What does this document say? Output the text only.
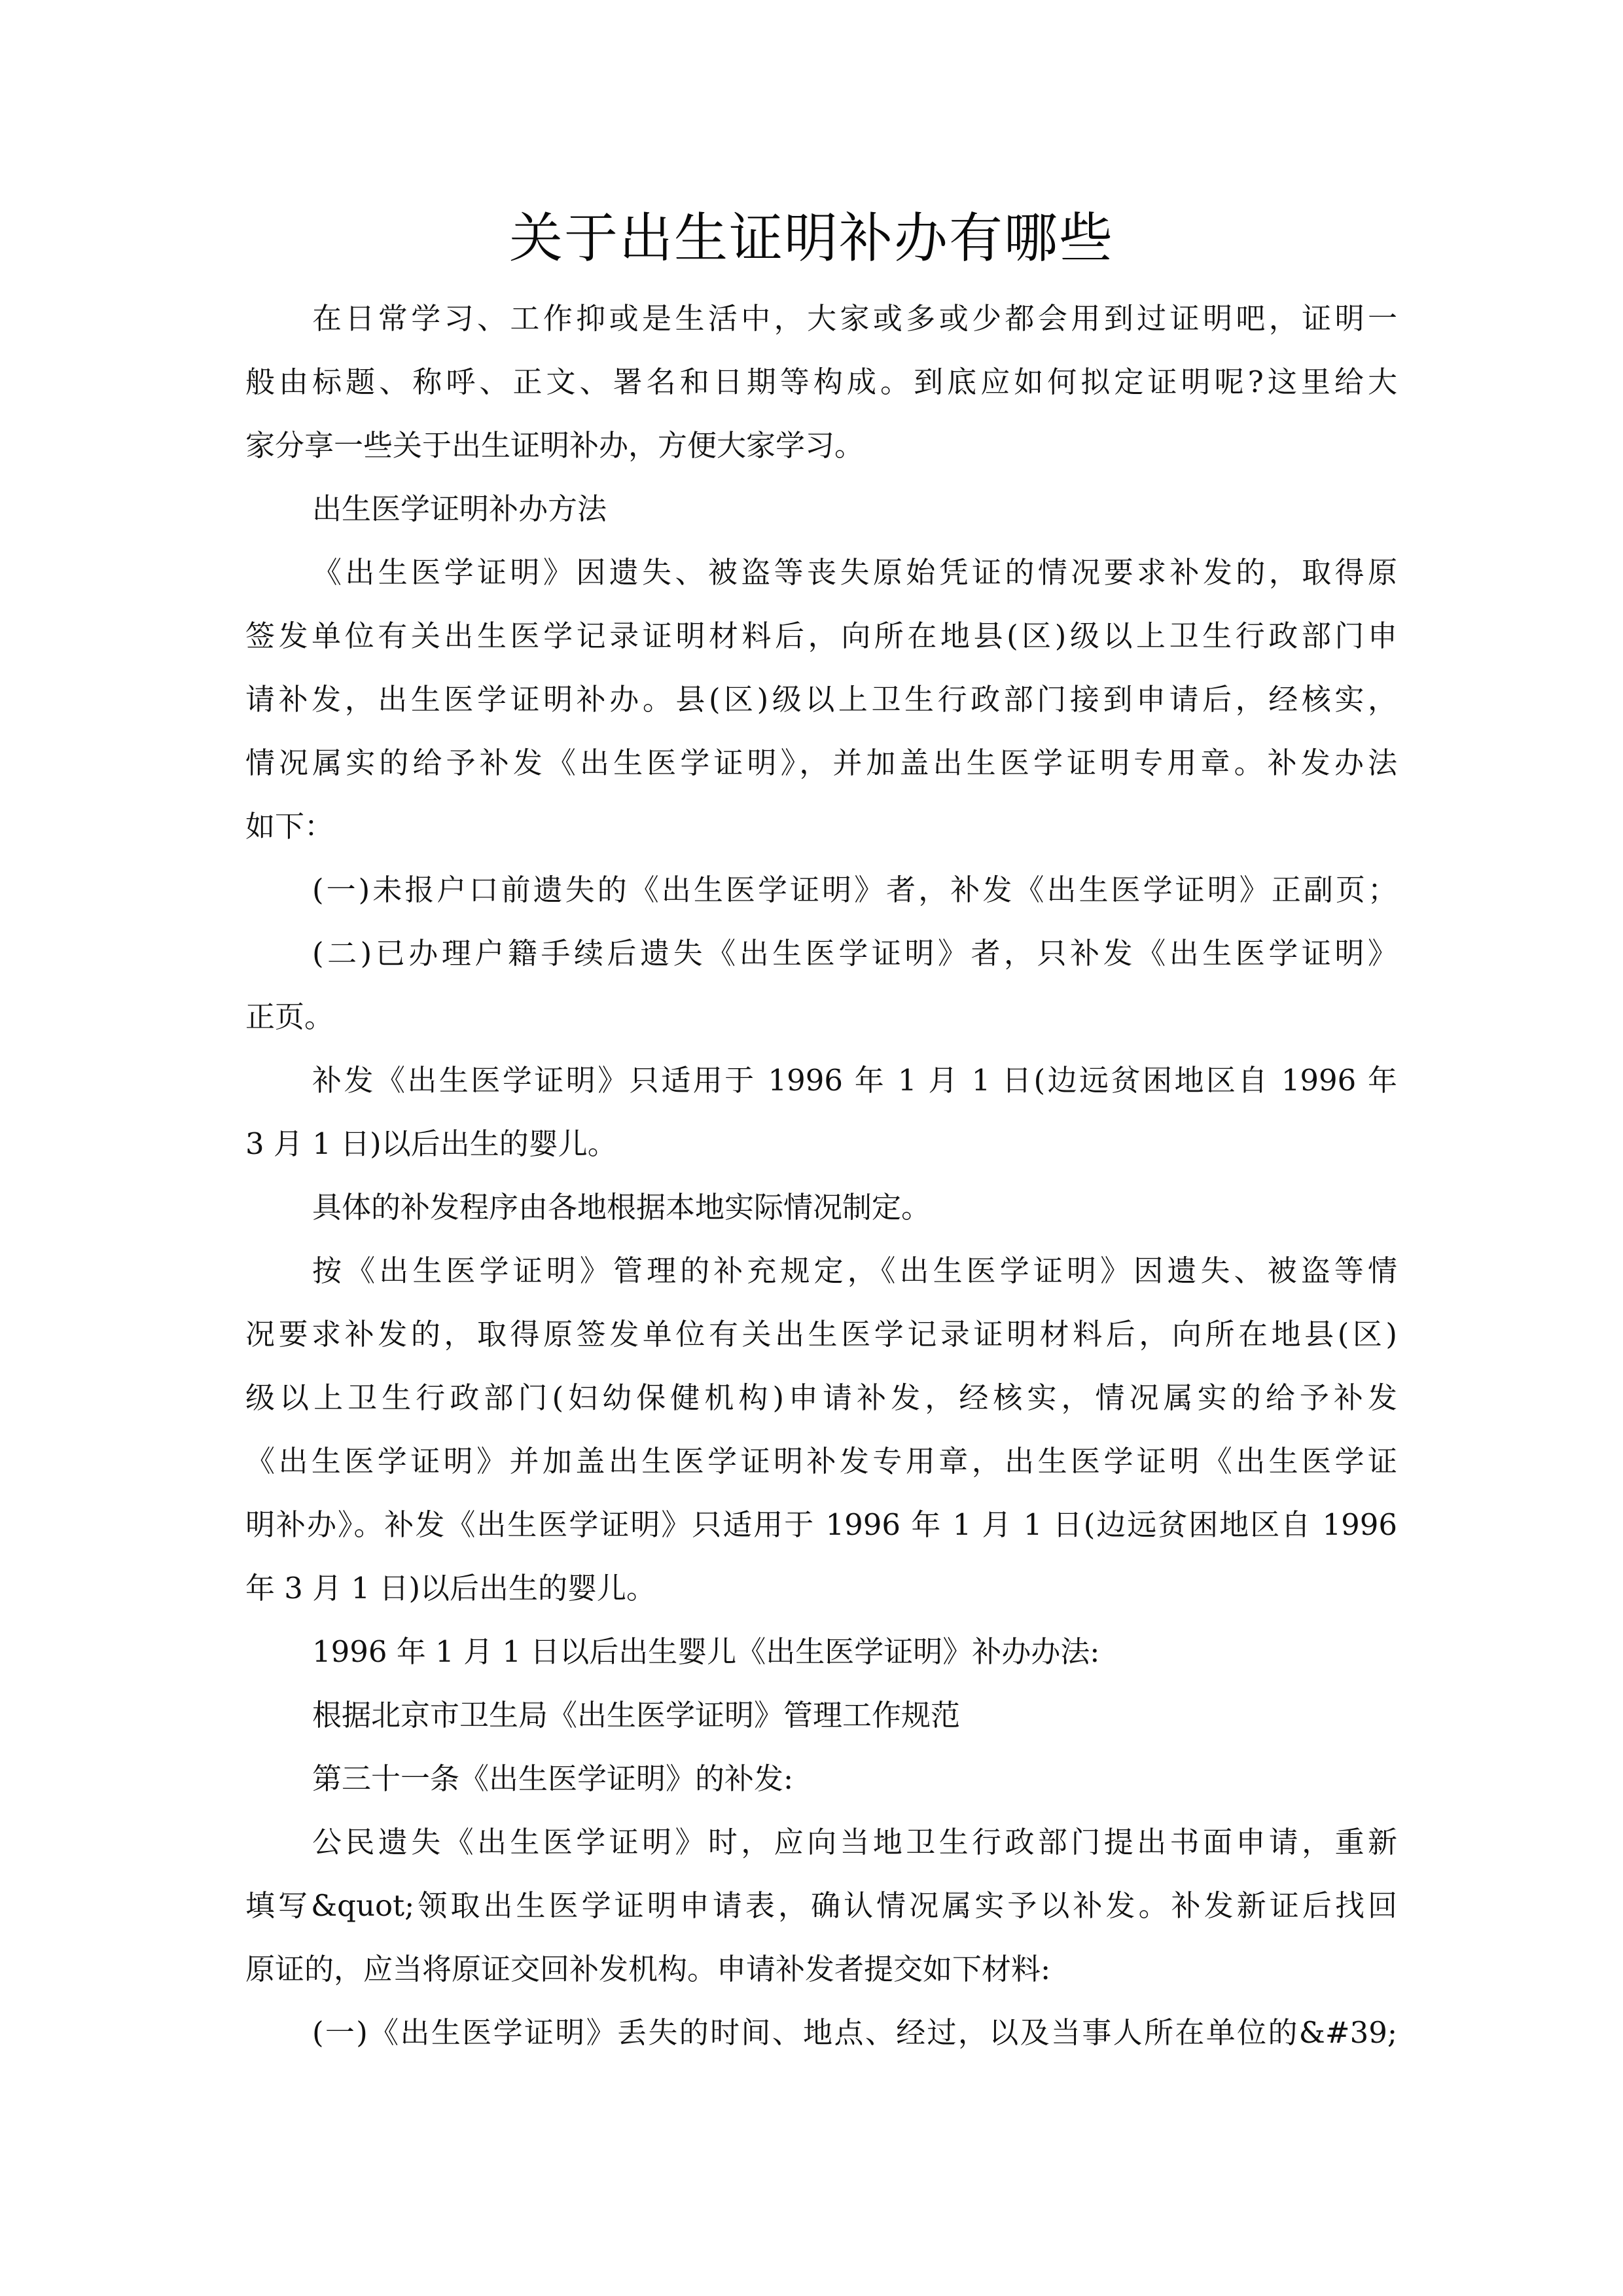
关于出生证明补办有哪些
在日常学习、工作抑或是生活中，大家或多或少都会用到过证明吧，证明一
般由标题、称呼、正文、署名和日期等构成。到底应如何拟定证明呢?这里给大
家分享一些关于出生证明补办，方便大家学习。
出生医学证明补办方法
《出生医学证明》因遗失、被盗等丧失原始凭证的情况要求补发的，取得原
签发单位有关出生医学记录证明材料后，向所在地县(区)级以上卫生行政部门申
请补发，出生医学证明补办。县(区)级以上卫生行政部门接到申请后，经核实，
情况属实的给予补发《出生医学证明》，并加盖出生医学证明专用章。补发办法
如下：
(一)未报户口前遗失的《出生医学证明》者，补发《出生医学证明》正副页；
(二)已办理户籍手续后遗失《出生医学证明》者，只补发《出生医学证明》
正页。
补发《出生医学证明》只适用于 1996 年 1 月 1 日(边远贫困地区自 1996 年
3 月 1 日)以后出生的婴儿。
具体的补发程序由各地根据本地实际情况制定。
按《出生医学证明》管理的补充规定，《出生医学证明》因遗失、被盗等情
况要求补发的，取得原签发单位有关出生医学记录证明材料后，向所在地县(区)
级以上卫生行政部门(妇幼保健机构)申请补发，经核实，情况属实的给予补发
《出生医学证明》并加盖出生医学证明补发专用章，出生医学证明《出生医学证
明补办》。补发《出生医学证明》只适用于 1996 年 1 月 1 日(边远贫困地区自 1996
年 3 月 1 日)以后出生的婴儿。
1996 年 1 月 1 日以后出生婴儿《出生医学证明》补办办法:
根据北京市卫生局《出生医学证明》管理工作规范
第三十一条《出生医学证明》的补发:
公民遗失《出生医学证明》时，应向当地卫生行政部门提出书面申请，重新
填写&quot;领取出生医学证明申请表，确认情况属实予以补发。补发新证后找回
原证的，应当将原证交回补发机构。申请补发者提交如下材料:
(一)《出生医学证明》丢失的时间、地点、经过，以及当事人所在单位的&#39;
